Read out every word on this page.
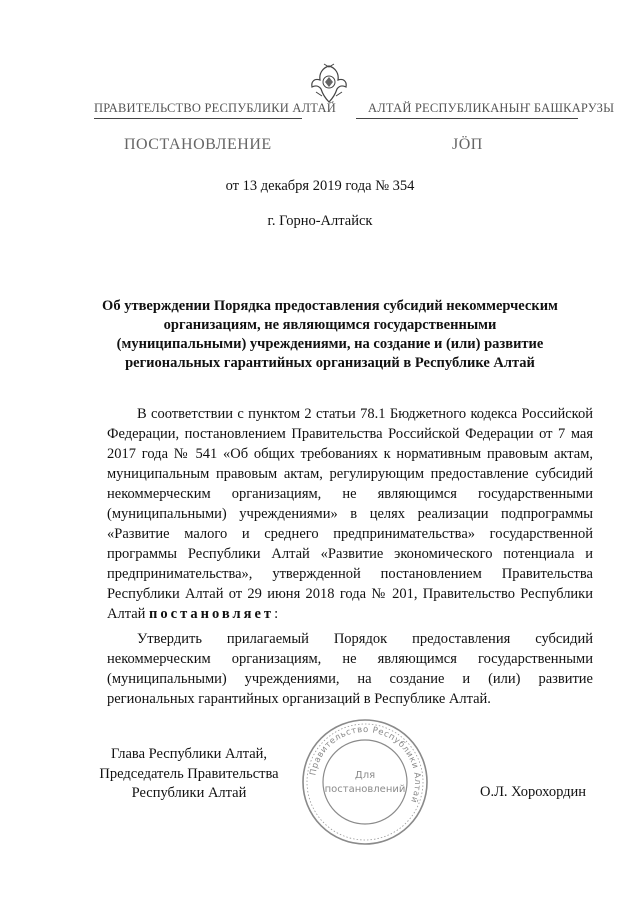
ПРАВИТЕЛЬСТВО РЕСПУБЛИКИ АЛТАЙ	АЛТАЙ РЕСПУБЛИКАНЫҤ БАШКАРУЗЫ
ПОСТАНОВЛЕНИЕ	ЈӦП
от 13 декабря 2019 года № 354
г. Горно-Алтайск
Об утверждении Порядка предоставления субсидий некоммерческим организациям, не являющимся государственными (муниципальными) учреждениями, на создание и (или) развитие региональных гарантийных организаций в Республике Алтай
В соответствии с пунктом 2 статьи 78.1 Бюджетного кодекса Российской Федерации, постановлением Правительства Российской Федерации от 7 мая 2017 года № 541 «Об общих требованиях к нормативным правовым актам, муниципальным правовым актам, регулирующим предоставление субсидий некоммерческим организациям, не являющимся государственными (муниципальными) учреждениями» в целях реализации подпрограммы «Развитие малого и среднего предпринимательства» государственной программы Республики Алтай «Развитие экономического потенциала и предпринимательства», утвержденной постановлением Правительства Республики Алтай от 29 июня 2018 года № 201, Правительство Республики Алтай постановляет:
Утвердить прилагаемый Порядок предоставления субсидий некоммерческим организациям, не являющимся государственными (муниципальными) учреждениями, на создание и (или) развитие региональных гарантийных организаций в Республике Алтай.
Глава Республики Алтай,
Председатель Правительства
Республики Алтай	О.Л. Хорохордин
Правительство Республики Алтай
Для
постановлений
